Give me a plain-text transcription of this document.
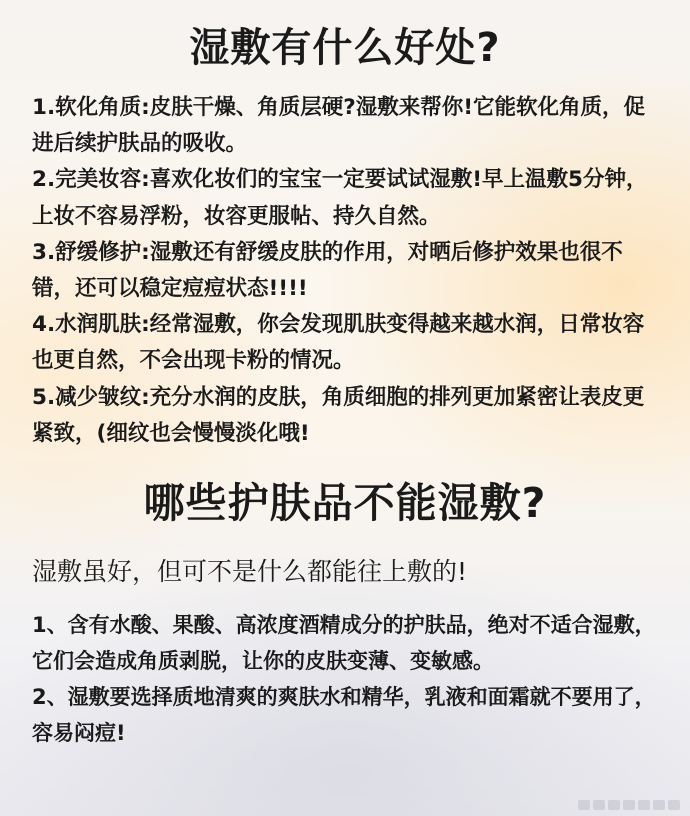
湿敷有什么好处?

1.软化角质:皮肤干燥、角质层硬?湿敷来帮你!它能软化角质，促进后续护肤品的吸收。

2.完美妆容:喜欢化妆们的宝宝一定要试试湿敷!早上温敷5分钟，上妆不容易浮粉，妆容更服帖、持久自然。

3.舒缓修护:湿敷还有舒缓皮肤的作用，对晒后修护效果也很不错，还可以稳定痘痘状态!!!!

4.水润肌肤:经常湿敷，你会发现肌肤变得越来越水润，日常妆容也更自然，不会出现卡粉的情况。

5.减少皱纹:充分水润的皮肤，角质细胞的排列更加紧密让表皮更紧致，(细纹也会慢慢淡化哦!

哪些护肤品不能湿敷?
湿敷虽好，但可不是什么都能往上敷的!

1、含有水酸、果酸、高浓度酒精成分的护肤品，绝对不适合湿敷，它们会造成角质剥脱，让你的皮肤变薄、变敏感。

2、湿敷要选择质地清爽的爽肤水和精华，乳液和面霜就不要用了，容易闷痘!
